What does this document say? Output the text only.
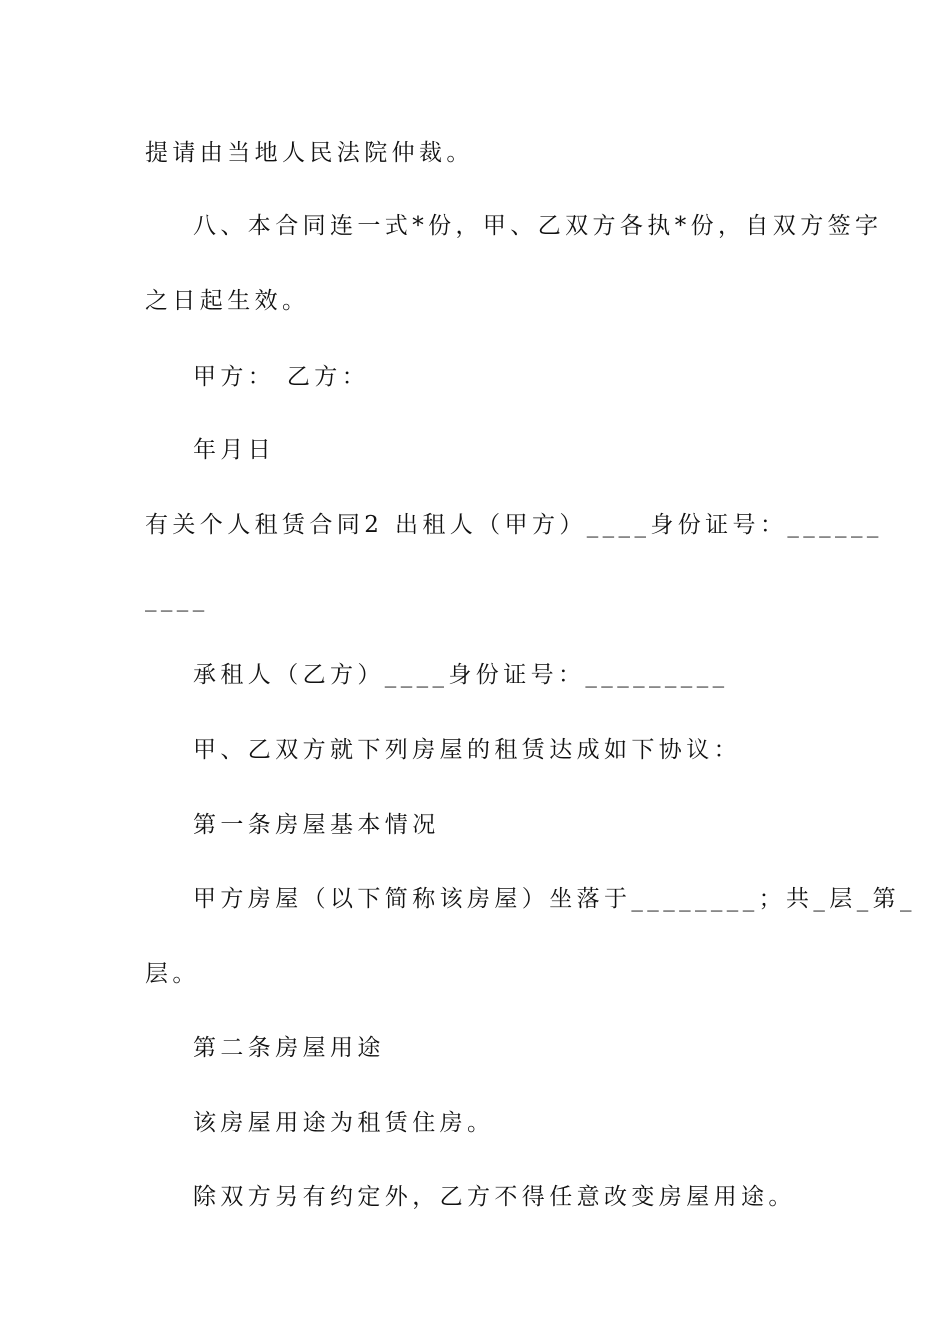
提请由当地人民法院仲裁。
八、本合同连一式*份，甲、乙双方各执*份，自双方签字
之日起生效。
甲方： 乙方：
年月日
有关个人租赁合同2 出租人（甲方）____身份证号：______
____
承租人（乙方）____身份证号：_________
甲、乙双方就下列房屋的租赁达成如下协议：
第一条房屋基本情况
甲方房屋（以下简称该房屋）坐落于________；共_层_第_
层。
第二条房屋用途
该房屋用途为租赁住房。
除双方另有约定外，乙方不得任意改变房屋用途。
